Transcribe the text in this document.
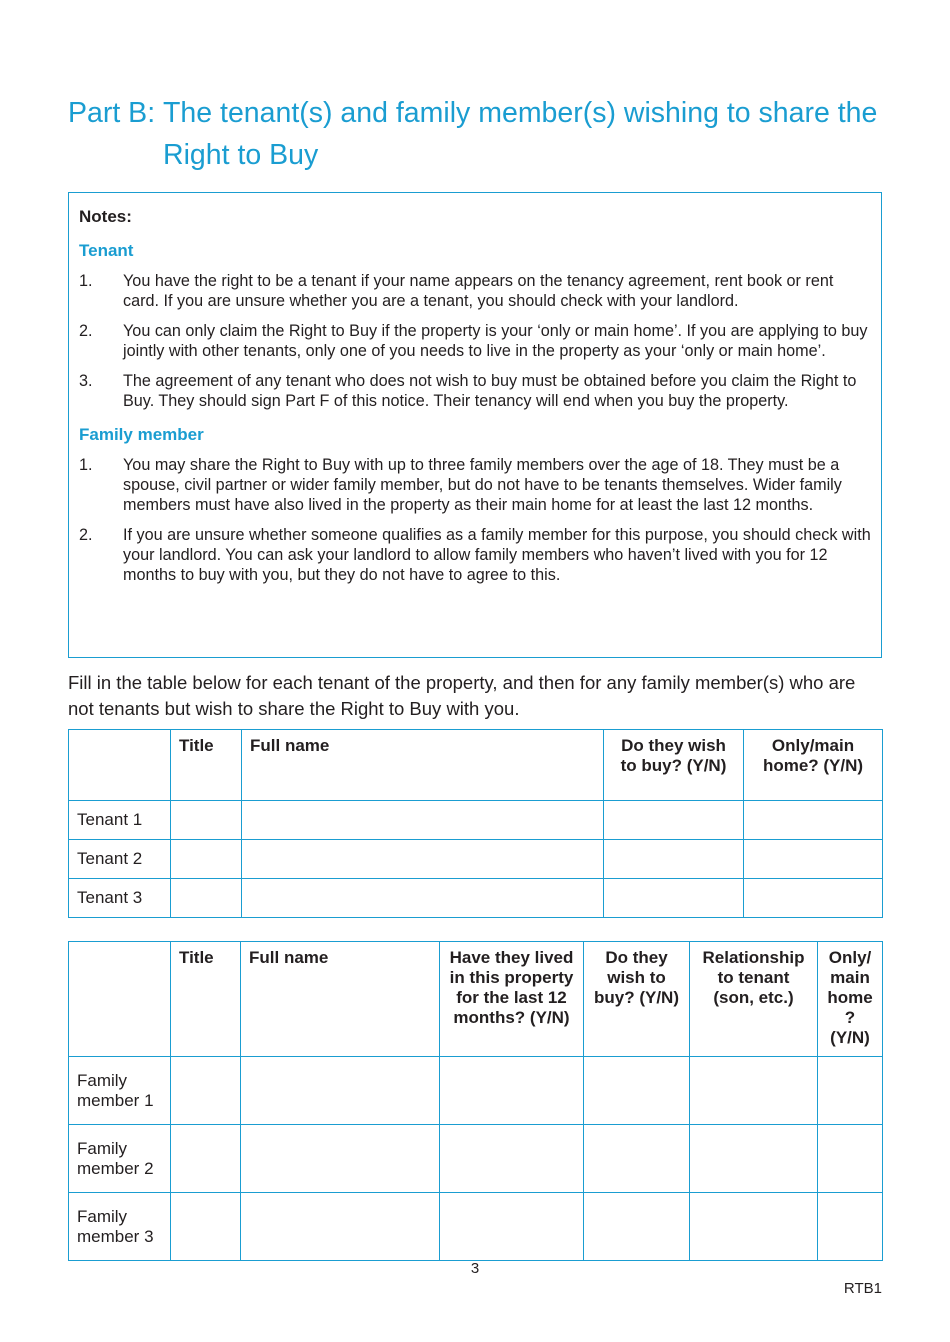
Part B: The tenant(s) and family member(s) wishing to share the
Right to Buy
Notes:
Tenant
1.	You have the right to be a tenant if your name appears on the tenancy agreement, rent book or rent card. If you are unsure whether you are a tenant, you should check with your landlord.
2.	You can only claim the Right to Buy if the property is your ‘only or main home’. If you are applying to buy jointly with other tenants, only one of you needs to live in the property as your ‘only or main home’.
3.	The agreement of any tenant who does not wish to buy must be obtained before you claim the Right to Buy. They should sign Part F of this notice. Their tenancy will end when you buy the property.
Family member
1.	You may share the Right to Buy with up to three family members over the age of 18. They must be a spouse, civil partner or wider family member, but do not have to be tenants themselves. Wider family members must have also lived in the property as their main home for at least the last 12 months.
2.	If you are unsure whether someone qualifies as a family member for this purpose, you should check with your landlord. You can ask your landlord to allow family members who haven’t lived with you for 12 months to buy with you, but they do not have to agree to this.

Fill in the table below for each tenant of the property, and then for any family member(s) who are not tenants but wish to share the Right to Buy with you.

	Title	Full name	Do they wish to buy? (Y/N)	Only/main home? (Y/N)
Tenant 1				
Tenant 2				
Tenant 3				
	Title	Full name	Have they lived in this property for the last 12 months? (Y/N)	Do they wish to buy? (Y/N)	Relationship to tenant (son, etc.)	Only/ main home ? (Y/N)
Family member 1						
Family member 2						
Family member 3						
3
RTB1
